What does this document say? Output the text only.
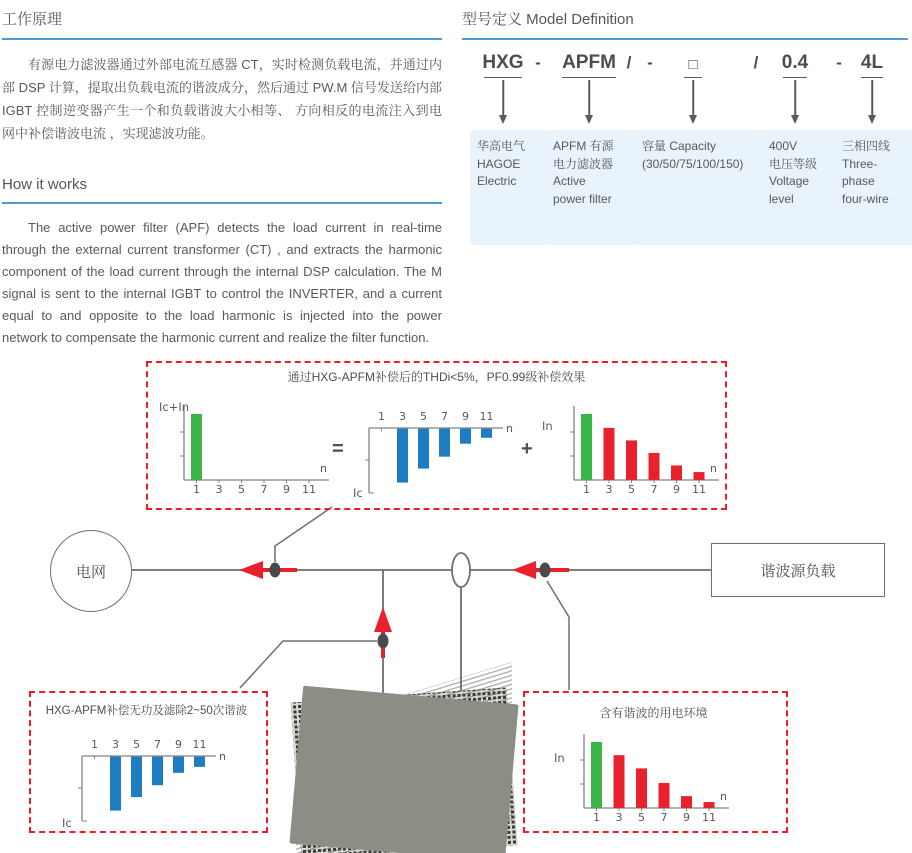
工作原理

有源电力滤波器通过外部电流互感器 CT，实时检测负载电流，并通过内部 DSP 计算，提取出负载电流的谐波成分，然后通过 PW.M 信号发送给内部 IGBT 控制逆变器产生一个和负载谐波大小相等、 方向相反的电流注入到电网中补偿谐波电流 ，实现滤波功能。

How it works

The active power filter (APF) detects the load current in real-time through the external current transformer (CT) , and extracts the harmonic component of the load current through the internal DSP calculation. The M signal is sent to the internal IGBT to control the INVERTER, and a current equal to and opposite to the load harmonic is injected into the power network to compensate the harmonic current and realize the filter function.

型号定义 Model Definition
HXG - APFM / - □	/ 0.4 - 4L
华高电气
HAGOE
Electric
APFM 有源
电力滤波器
Active
power filter
容量 Capacity
(30/50/75/100/150)
400V
电压等级
Voltage
level
三相四线
Three-
phase
four-wire
电网	谐波源负载
通过HXG-APFM补偿后的THDi<5%，PF0.99级补偿效果
1 3 5 7 9 11
n
Ic+In
=
1 3 5 7 9 11
n
Ic
+
1 3 5 7 9 11
n
In
HXG-APFM补偿无功及滤除2~50次谐波
1 3 5 7 9 11
n
Ic
含有谐波的用电环境
1 3 5 7 9 11
n
In
